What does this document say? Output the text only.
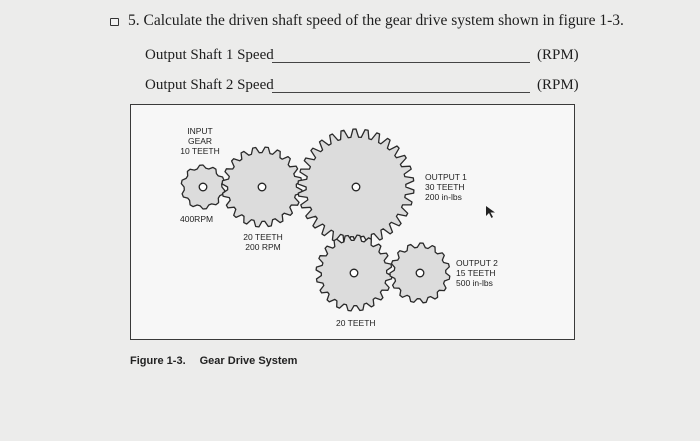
5. Calculate the driven shaft speed of the gear drive system shown in figure 1-3.
Output Shaft 1 Speed	(RPM)
Output Shaft 2 Speed	(RPM)
INPUT
GEAR
10 TEETH
400RPM
20 TEETH
200 RPM
OUTPUT 1
30 TEETH
200 in-lbs
OUTPUT 2
15 TEETH
500 in-lbs
20 TEETH
Figure 1-3. Gear Drive System
